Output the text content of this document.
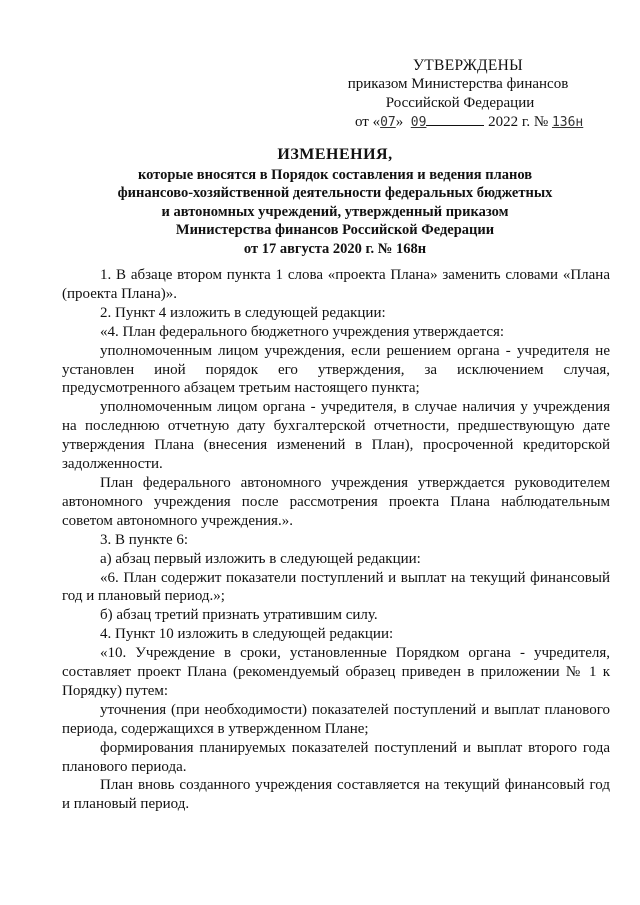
УТВЕРЖДЕНЫ
приказом Министерства финансов
Российской Федерации
от «07» 09	2022 г. № 136н
ИЗМЕНЕНИЯ,
которые вносятся в Порядок составления и ведения планов
финансово-хозяйственной деятельности федеральных бюджетных
и автономных учреждений, утвержденный приказом
Министерства финансов Российской Федерации
от 17 августа 2020 г. № 168н

1. В абзаце втором пункта 1 слова «проекта Плана» заменить словами «Плана (проекта Плана)».

2. Пункт 4 изложить в следующей редакции:

«4. План федерального бюджетного учреждения утверждается:

уполномоченным лицом учреждения, если решением органа - учредителя не установлен иной порядок его утверждения, за исключением случая, предусмотренного абзацем третьим настоящего пункта;

уполномоченным лицом органа - учредителя, в случае наличия у учреждения на последнюю отчетную дату бухгалтерской отчетности, предшествующую дате утверждения Плана (внесения изменений в План), просроченной кредиторской задолженности.

План федерального автономного учреждения утверждается руководителем автономного учреждения после рассмотрения проекта Плана наблюдательным советом автономного учреждения.».

3. В пункте 6:

а) абзац первый изложить в следующей редакции:

«6. План содержит показатели поступлений и выплат на текущий финансовый год и плановый период.»;

б) абзац третий признать утратившим силу.

4. Пункт 10 изложить в следующей редакции:

«10. Учреждение в сроки, установленные Порядком органа - учредителя, составляет проект Плана (рекомендуемый образец приведен в приложении № 1 к Порядку) путем:

уточнения (при необходимости) показателей поступлений и выплат планового периода, содержащихся в утвержденном Плане;

формирования планируемых показателей поступлений и выплат второго года планового периода.

План вновь созданного учреждения составляется на текущий финансовый год и плановый период.
